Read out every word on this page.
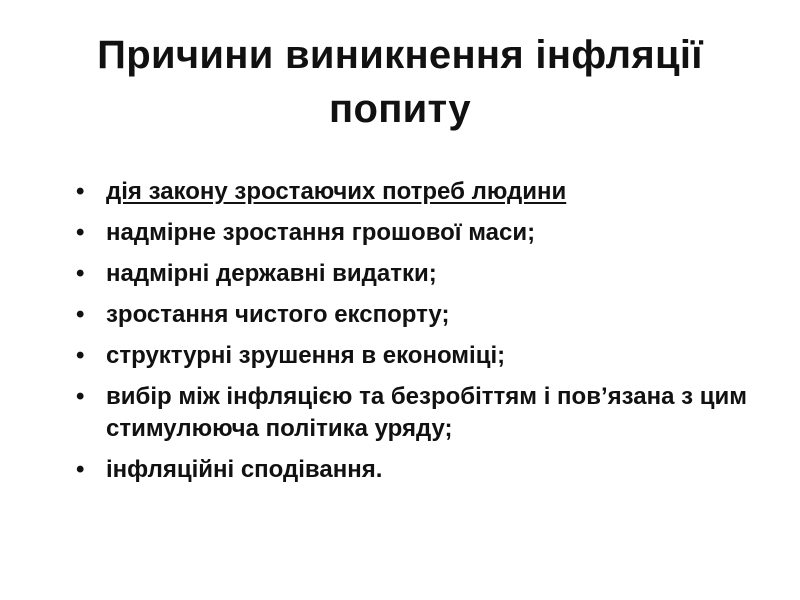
Причини виникнення інфляції попиту
• дія закону зростаючих потреб людини
• надмірне зростання грошової маси;
• надмірні державні видатки;
• зростання чистого експорту;
• структурні зрушення в економіці;
• вибір між інфляцією та безробіттям і пов’язана з цим стимулююча політика уряду;
• інфляційні сподівання.
